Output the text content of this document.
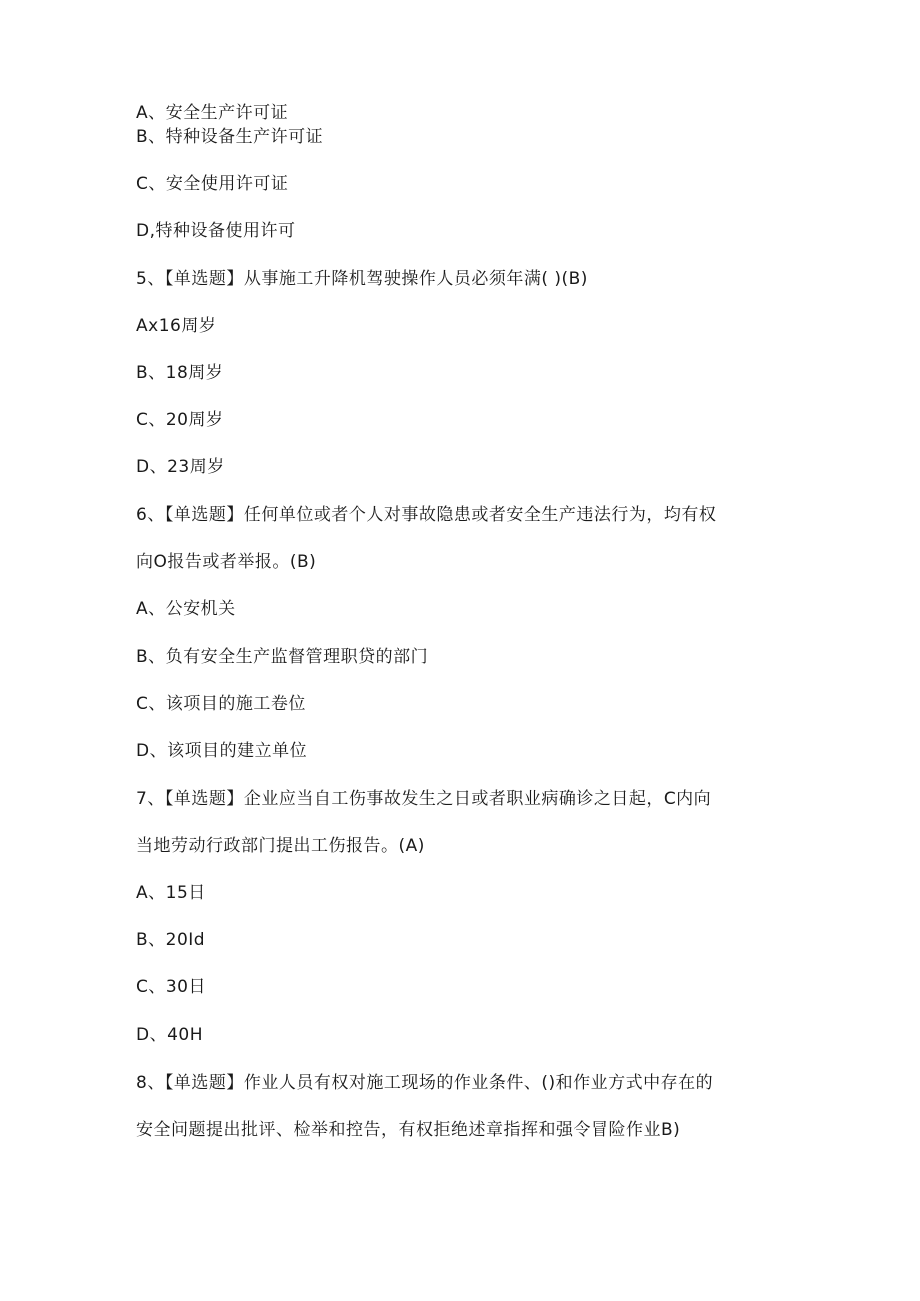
A、安全生产许可证
B、特种设备生产许可证
C、安全使用许可证
D,特种设备使用许可
5、【单选题】从事施工升降机驾驶操作人员必须年满( )(B)
Ax16周岁
B、18周岁
C、20周岁
D、23周岁
6、【单选题】任何单位或者个人对事故隐患或者安全生产违法行为，均有权
向O报告或者举报。(B)
A、公安机关
B、负有安全生产监督管理职贷的部门
C、该项目的施工卷位
D、该项目的建立单位
7、【单选题】企业应当自工伤事故发生之日或者职业病确诊之日起，C内向
当地劳动行政部门提出工伤报告。(A)
A、15日
B、20Id
C、30日
D、40H
8、【单选题】作业人员有权对施工现场的作业条件、()和作业方式中存在的
安全问题提出批评、检举和控告，有权拒绝述章指挥和强令冒险作业B)
